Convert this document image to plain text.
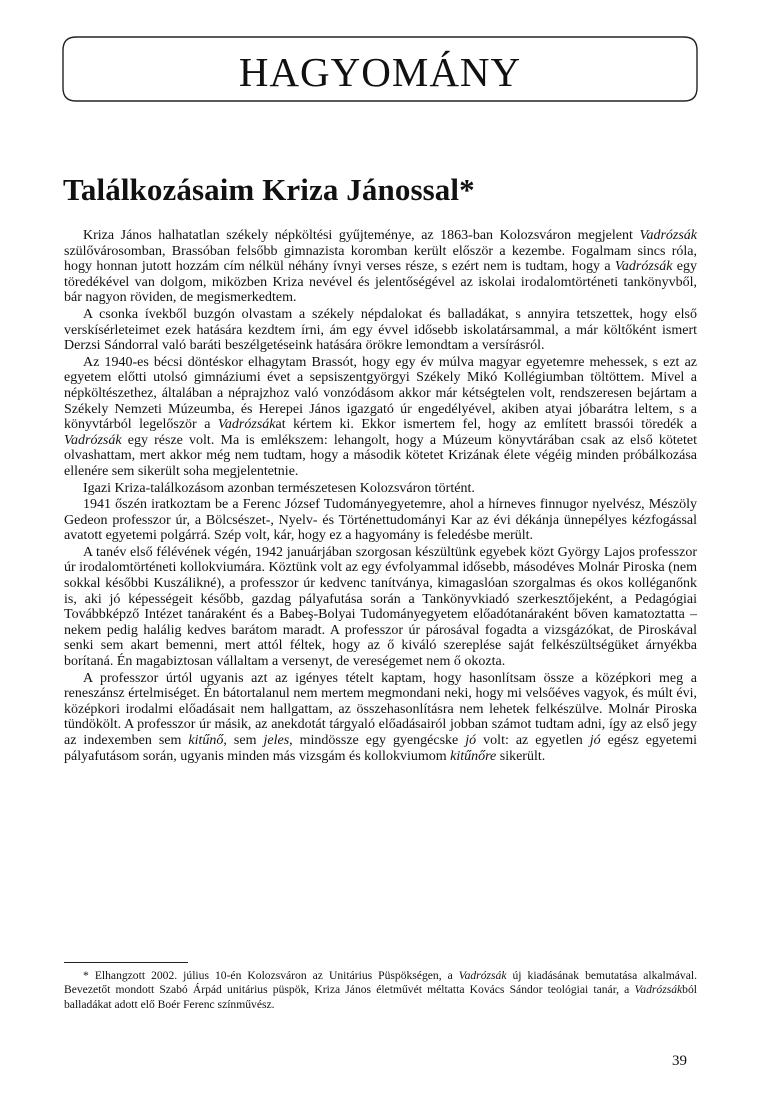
HAGYOMÁNY
Találkozásaim Kriza Jánossal*

Kriza János halhatatlan székely népköltési gyűjteménye, az 1863-ban Kolozsváron megjelent Vadrózsák szülővárosomban, Brassóban felsőbb gimnazista koromban került először a kezembe. Fogalmam sincs róla, hogy honnan jutott hozzám cím nélkül néhány ívnyi verses része, s ezért nem is tudtam, hogy a Vadrózsák egy töredékével van dolgom, miközben Kriza nevével és jelentőségével az iskolai irodalomtörténeti tankönyvből, bár nagyon röviden, de megismerkedtem.

A csonka ívekből buzgón olvastam a székely népdalokat és balladákat, s annyira tetszettek, hogy első verskísérleteimet ezek hatására kezdtem írni, ám egy évvel idősebb iskolatársammal, a már költőként ismert Derzsi Sándorral való baráti beszélgetéseink hatására örökre lemondtam a versírásról.

Az 1940-es bécsi döntéskor elhagytam Brassót, hogy egy év múlva magyar egyetemre mehessek, s ezt az egyetem előtti utolsó gimnáziumi évet a sepsiszentgyörgyi Székely Mikó Kollégiumban töltöttem. Mivel a népköltészethez, általában a néprajzhoz való vonzódásom akkor már kétségtelen volt, rendszeresen bejártam a Székely Nemzeti Múzeumba, és Herepei János igazgató úr engedélyével, akiben atyai jóbarátra leltem, s a könyvtárból legelőször a Vadrózsákat kértem ki. Ekkor ismertem fel, hogy az említett brassói töredék a Vadrózsák egy része volt. Ma is emlékszem: lehangolt, hogy a Múzeum könyvtárában csak az első kötetet olvashattam, mert akkor még nem tudtam, hogy a második kötetet Krizának élete végéig minden próbálkozása ellenére sem sikerült soha megjelentetnie.

Igazi Kriza-találkozásom azonban természetesen Kolozsváron történt.

1941 őszén iratkoztam be a Ferenc József Tudományegyetemre, ahol a hírneves finnugor nyelvész, Mészöly Gedeon professzor úr, a Bölcsészet-, Nyelv- és Történettudományi Kar az évi dékánja ünnepélyes kézfogással avatott egyetemi polgárrá. Szép volt, kár, hogy ez a hagyomány is feledésbe merült.

A tanév első félévének végén, 1942 januárjában szorgosan készültünk egyebek közt György Lajos professzor úr irodalomtörténeti kollokviumára. Köztünk volt az egy évfolyammal idősebb, másodéves Molnár Piroska (nem sokkal későbbi Kuszálikné), a professzor úr kedvenc tanítványa, kimagaslóan szorgalmas és okos kolléganőnk is, aki jó képességeit később, gazdag pályafutása során a Tankönyvkiadó szerkesztőjeként, a Pedagógiai Továbbképző Intézet tanáraként és a Babeş-Bolyai Tudományegyetem előadótanáraként bőven kamatoztatta – nekem pedig halálig kedves barátom maradt. A professzor úr párosával fogadta a vizsgázókat, de Piroskával senki sem akart bemenni, mert attól féltek, hogy az ő kiváló szereplése saját felkészültségüket árnyékba borítaná. Én magabiztosan vállaltam a versenyt, de vereségemet nem ő okozta.

A professzor úrtól ugyanis azt az igényes tételt kaptam, hogy hasonlítsam össze a középkori meg a reneszánsz értelmiséget. Én bátortalanul nem mertem megmondani neki, hogy mi velsőéves vagyok, és múlt évi, középkori irodalmi előadásait nem hallgattam, az összehasonlításra nem lehetek felkészülve. Molnár Piroska tündökölt. A professzor úr másik, az anekdotát tárgyaló előadásairól jobban számot tudtam adni, így az első jegy az indexemben sem kitűnő, sem jeles, mindössze egy gyengécske jó volt: az egyetlen jó egész egyetemi pályafutásom során, ugyanis minden más vizsgám és kollokviumom kitűnőre sikerült.

* Elhangzott 2002. július 10-én Kolozsváron az Unitárius Püspökségen, a Vadrózsák új kiadásának bemutatása alkalmával. Bevezetőt mondott Szabó Árpád unitárius püspök, Kriza János életművét méltatta Kovács Sándor teológiai tanár, a Vadrózsákból balladákat adott elő Boér Ferenc színművész.

39
